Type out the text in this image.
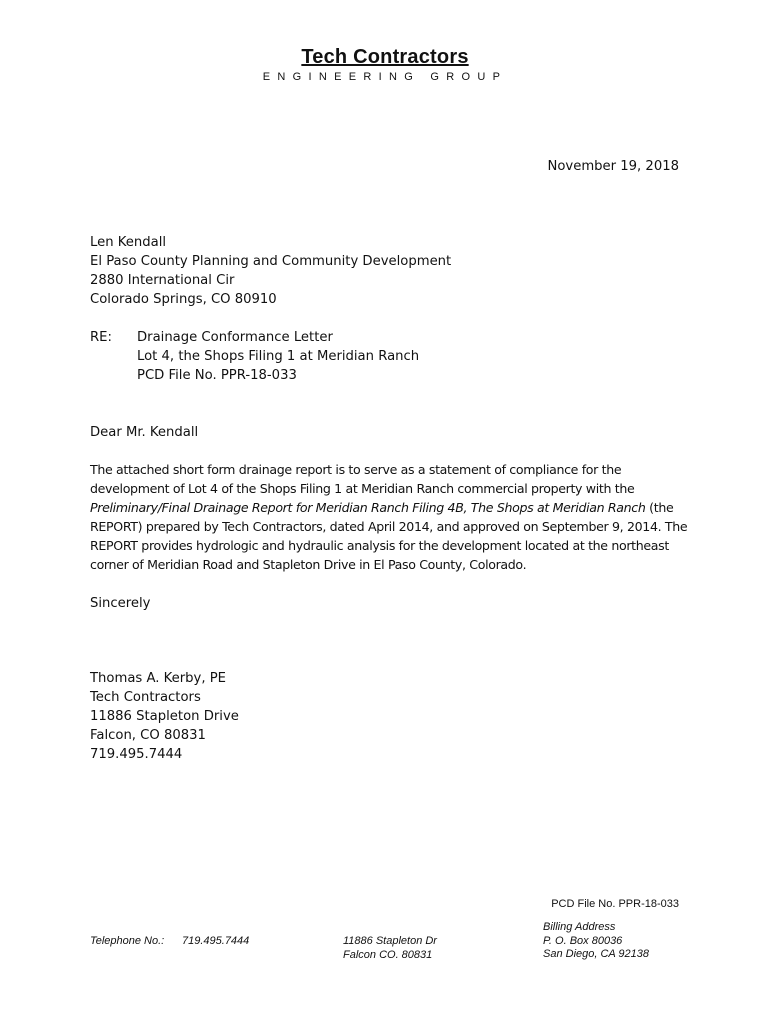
Tech Contractors
ENGINEERING GROUP
November 19, 2018
Len Kendall
El Paso County Planning and Community Development
2880 International Cir
Colorado Springs, CO 80910
RE: Drainage Conformance Letter
Lot 4, the Shops Filing 1 at Meridian Ranch
PCD File No. PPR-18-033
Dear Mr. Kendall
The attached short form drainage report is to serve as a statement of compliance for the development of Lot 4 of the Shops Filing 1 at Meridian Ranch commercial property with the Preliminary/Final Drainage Report for Meridian Ranch Filing 4B, The Shops at Meridian Ranch (the REPORT) prepared by Tech Contractors, dated April 2014, and approved on September 9, 2014. The REPORT provides hydrologic and hydraulic analysis for the development located at the northeast corner of Meridian Road and Stapleton Drive in El Paso County, Colorado.
Sincerely
Thomas A. Kerby, PE
Tech Contractors
11886 Stapleton Drive
Falcon, CO 80831
719.495.7444
PCD File No. PPR-18-033
Telephone No.: 719.495.7444	11886 Stapleton Dr
Falcon CO. 80831
Billing Address
P. O. Box 80036
San Diego, CA 92138
